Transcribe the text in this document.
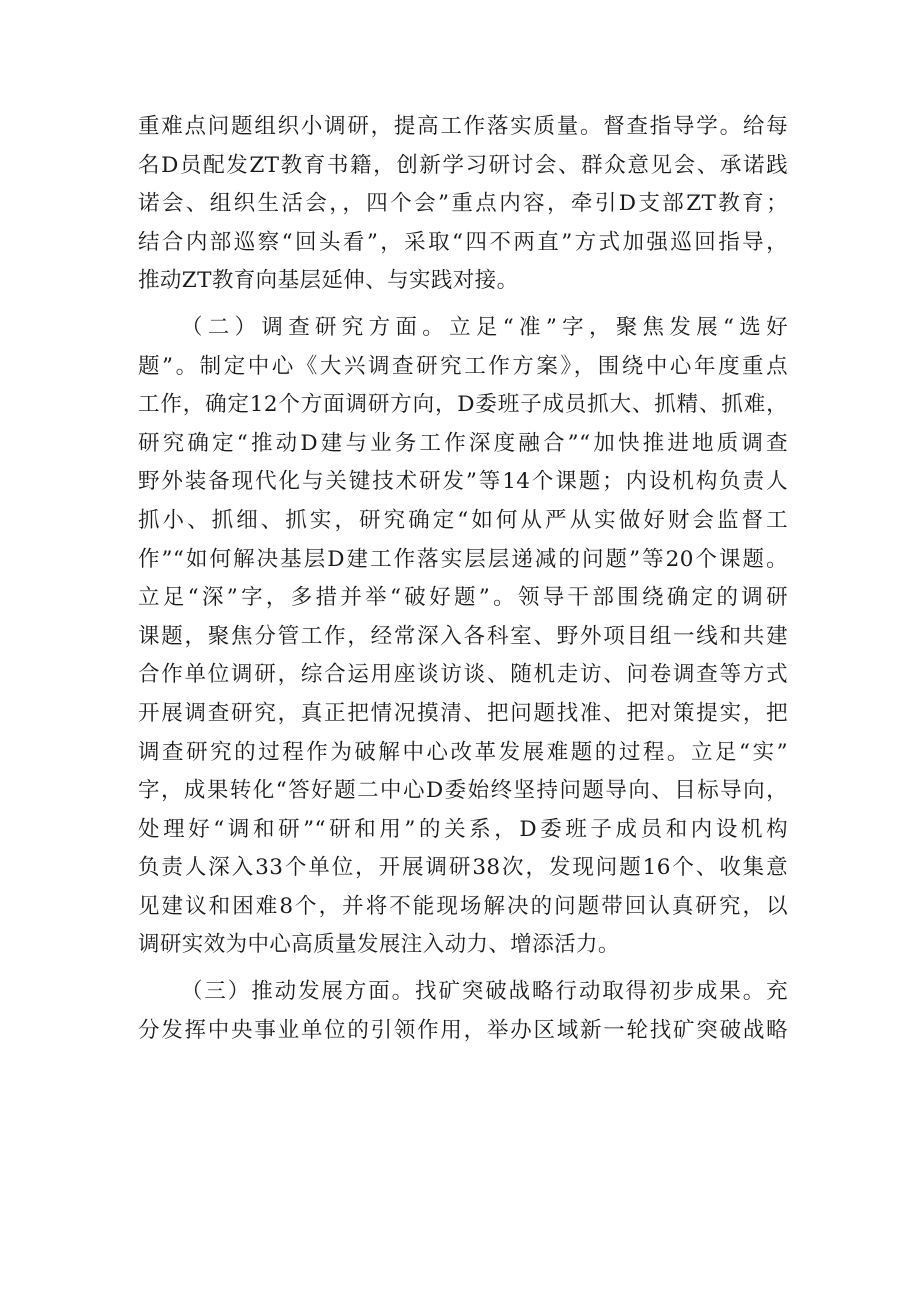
重难点问题组织小调研，提高工作落实质量。督查指导学。给每
名D员配发ZT教育书籍，创新学习研讨会、群众意见会、承诺践
诺会、组织生活会，，四个会”重点内容，牵引D支部ZT教育；
结合内部巡察“回头看”，采取“四不两直”方式加强巡回指导，
推动ZT教育向基层延伸、与实践对接。
（二）调查研究方面。立足“准”字，聚焦发展“选好
题”。制定中心《大兴调查研究工作方案》，围绕中心年度重点
工作，确定12个方面调研方向，D委班子成员抓大、抓精、抓难，
研究确定“推动D建与业务工作深度融合”“加快推进地质调查
野外装备现代化与关键技术研发”等14个课题；内设机构负责人
抓小、抓细、抓实，研究确定“如何从严从实做好财会监督工
作”“如何解决基层D建工作落实层层递减的问题”等20个课题。
立足“深”字，多措并举“破好题”。领导干部围绕确定的调研
课题，聚焦分管工作，经常深入各科室、野外项目组一线和共建
合作单位调研，综合运用座谈访谈、随机走访、问卷调查等方式
开展调查研究，真正把情况摸清、把问题找准、把对策提实，把
调查研究的过程作为破解中心改革发展难题的过程。立足“实”
字，成果转化“答好题二中心D委始终坚持问题导向、目标导向，
处理好“调和研”“研和用”的关系，D委班子成员和内设机构
负责人深入33个单位，开展调研38次，发现问题16个、收集意
见建议和困难8个，并将不能现场解决的问题带回认真研究，以
调研实效为中心高质量发展注入动力、增添活力。
（三）推动发展方面。找矿突破战略行动取得初步成果。充
分发挥中央事业单位的引领作用，举办区域新一轮找矿突破战略
